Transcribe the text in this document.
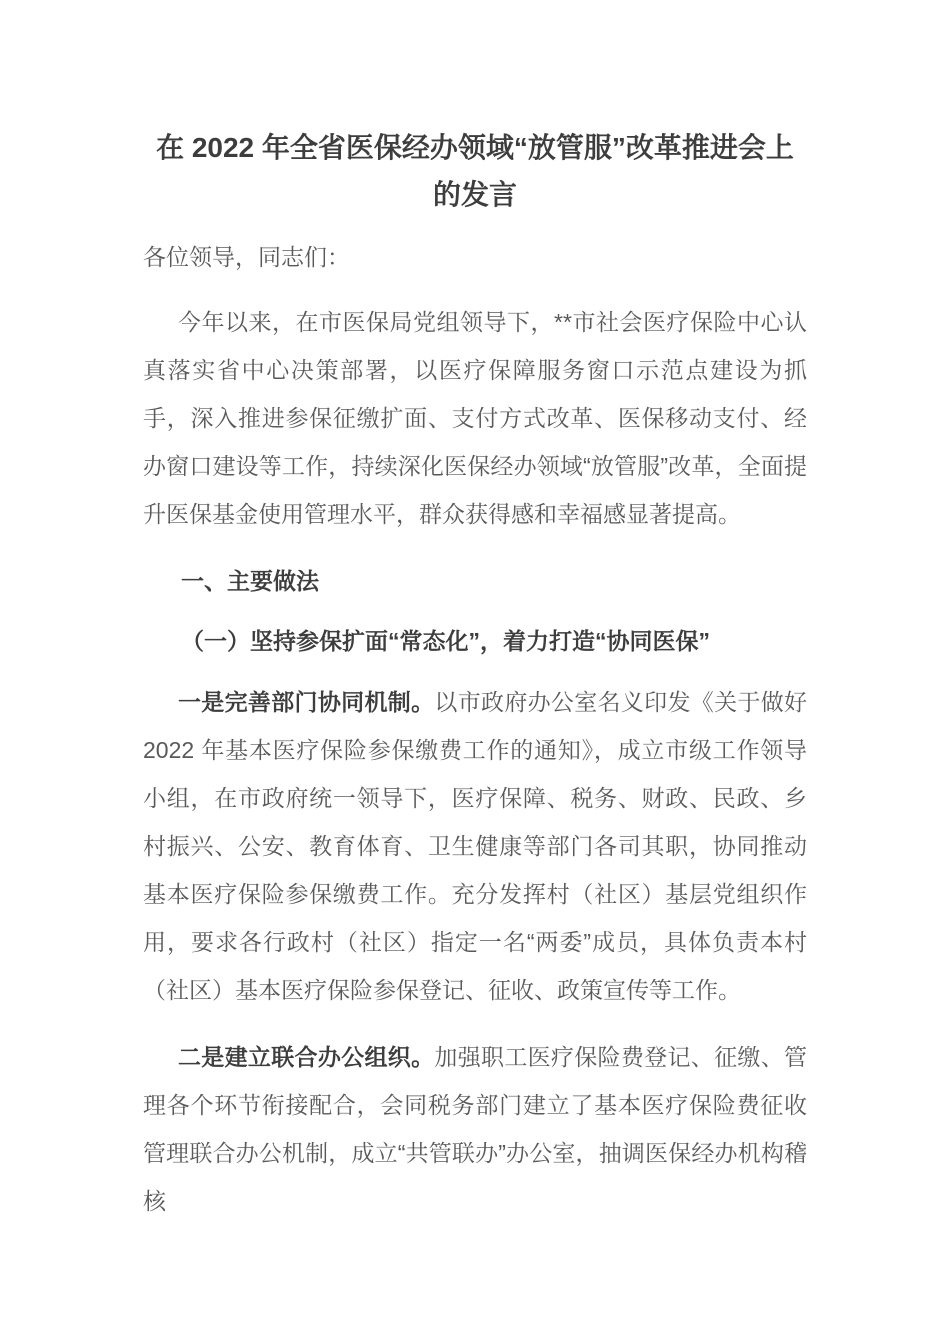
在 2022 年全省医保经办领域“放管服”改革推进会上的发言

各位领导，同志们：

今年以来，在市医保局党组领导下，**市社会医疗保险中心认真落实省中心决策部署，以医疗保障服务窗口示范点建设为抓手，深入推进参保征缴扩面、支付方式改革、医保移动支付、经办窗口建设等工作，持续深化医保经办领域“放管服”改革，全面提升医保基金使用管理水平，群众获得感和幸福感显著提高。

一、主要做法
（一）坚持参保扩面“常态化”，着力打造“协同医保”

一是完善部门协同机制。以市政府办公室名义印发《关于做好 2022 年基本医疗保险参保缴费工作的通知》，成立市级工作领导小组，在市政府统一领导下，医疗保障、税务、财政、民政、乡村振兴、公安、教育体育、卫生健康等部门各司其职，协同推动基本医疗保险参保缴费工作。充分发挥村（社区）基层党组织作用，要求各行政村（社区）指定一名“两委”成员，具体负责本村（社区）基本医疗保险参保登记、征收、政策宣传等工作。

二是建立联合办公组织。加强职工医疗保险费登记、征缴、管理各个环节衔接配合，会同税务部门建立了基本医疗保险费征收管理联合办公机制，成立“共管联办”办公室，抽调医保经办机构稽核
